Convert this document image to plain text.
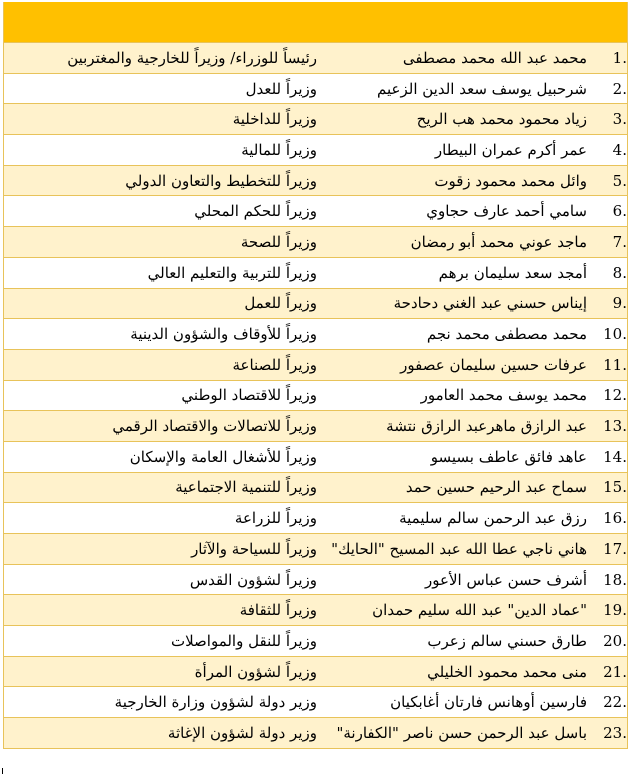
.1
محمد عبد الله محمد مصطفى
رئيساً للوزراء/ وزيراً للخارجية والمغتربين
.2
شرحبيل يوسف سعد الدين الزعيم
وزيراً للعدل
.3
زياد محمود محمد هب الريح
وزيراً للداخلية
.4
عمر أكرم عمران البيطار
وزيراً للمالية
.5
وائل محمد محمود زقوت
وزيراً للتخطيط والتعاون الدولي
.6
سامي أحمد عارف حجاوي
وزيراً للحكم المحلي
.7
ماجد عوني محمد أبو رمضان
وزيراً للصحة
.8
أمجد سعد سليمان برهم
وزيراً للتربية والتعليم العالي
.9
إيناس حسني عبد الغني دحادحة
وزيراً للعمل
.10
محمد مصطفى محمد نجم
وزيراً للأوقاف والشؤون الدينية
.11
عرفات حسين سليمان عصفور
وزيراً للصناعة
.12
محمد يوسف محمد العامور
وزيراً للاقتصاد الوطني
.13
عبد الرازق ماهرعبد الرازق نتشة
وزيراً للاتصالات والاقتصاد الرقمي
.14
عاهد فائق عاطف بسيسو
وزيراً للأشغال العامة والإسكان
.15
سماح عبد الرحيم حسين حمد
وزيراً للتنمية الاجتماعية
.16
رزق عبد الرحمن سالم سليمية
وزيراً للزراعة
.17
هاني ناجي عطا الله عبد المسيح "الحايك"
وزيراً للسياحة والآثار
.18
أشرف حسن عباس الأعور
وزيراً لشؤون القدس
.19
"عماد الدين" عبد الله سليم حمدان
وزيراً للثقافة
.20
طارق حسني سالم زعرب
وزيراً للنقل والمواصلات
.21
منى محمد محمود الخليلي
وزيراً لشؤون المرأة
.22
فارسين أوهانس فارتان أغابكيان
وزير دولة لشؤون وزارة الخارجية
.23
باسل عبد الرحمن حسن ناصر "الكفارنة"
وزير دولة لشؤون الإغاثة
